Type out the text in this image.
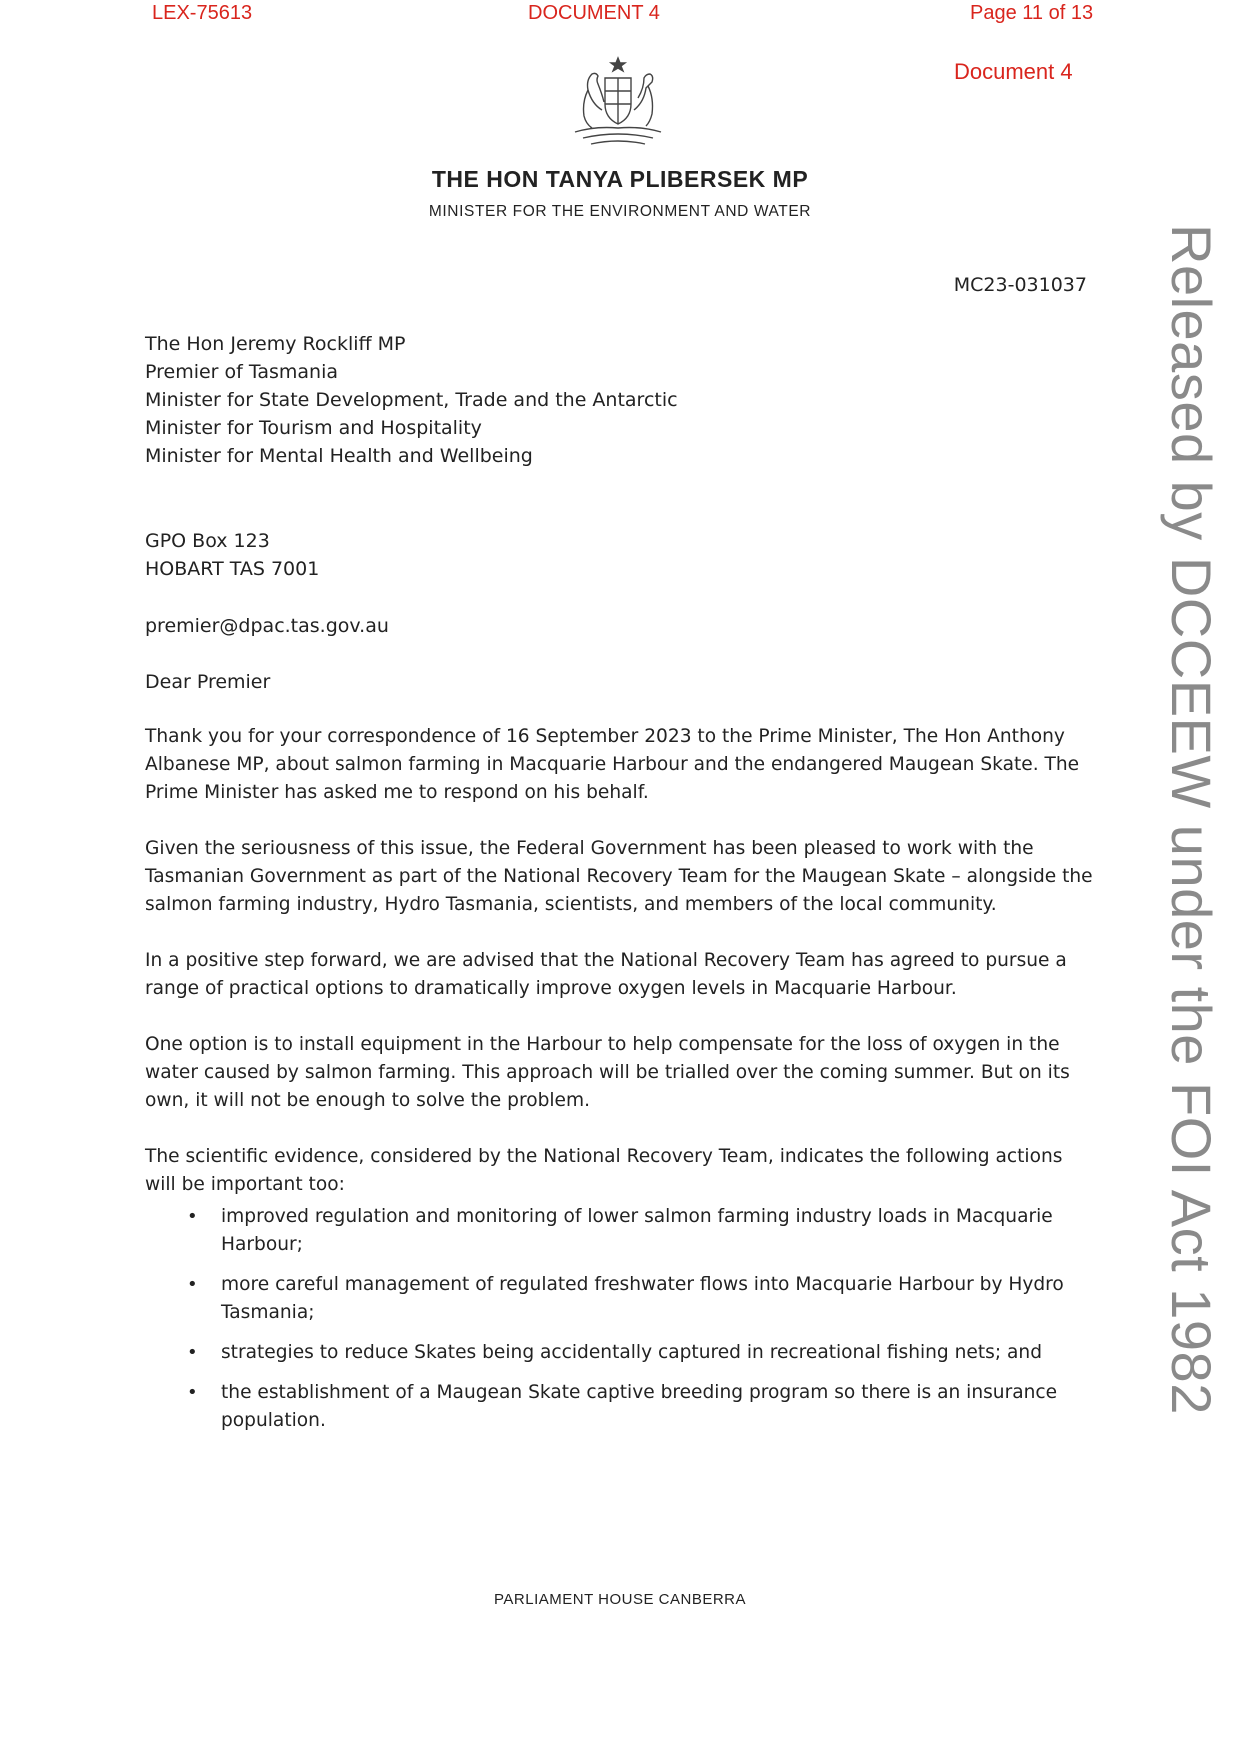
LEX-75613	DOCUMENT 4	Page 11 of 13
Document 4
THE HON TANYA PLIBERSEK MP
MINISTER FOR THE ENVIRONMENT AND WATER
MC23-031037
The Hon Jeremy Rockliff MP
Premier of Tasmania
Minister for State Development, Trade and the Antarctic
Minister for Tourism and Hospitality
Minister for Mental Health and Wellbeing
GPO Box 123
HOBART TAS 7001
premier@dpac.tas.gov.au
Dear Premier

Thank you for your correspondence of 16 September 2023 to the Prime Minister, The Hon Anthony Albanese MP, about salmon farming in Macquarie Harbour and the endangered Maugean Skate. The Prime Minister has asked me to respond on his behalf.

Given the seriousness of this issue, the Federal Government has been pleased to work with the Tasmanian Government as part of the National Recovery Team for the Maugean Skate – alongside the salmon farming industry, Hydro Tasmania, scientists, and members of the local community.

In a positive step forward, we are advised that the National Recovery Team has agreed to pursue a range of practical options to dramatically improve oxygen levels in Macquarie Harbour.

One option is to install equipment in the Harbour to help compensate for the loss of oxygen in the water caused by salmon farming. This approach will be trialled over the coming summer. But on its own, it will not be enough to solve the problem.

The scientific evidence, considered by the National Recovery Team, indicates the following actions will be important too:

• improved regulation and monitoring of lower salmon farming industry loads in Macquarie Harbour;
• more careful management of regulated freshwater flows into Macquarie Harbour by Hydro Tasmania;
• strategies to reduce Skates being accidentally captured in recreational fishing nets; and
• the establishment of a Maugean Skate captive breeding program so there is an insurance population.
PARLIAMENT HOUSE CANBERRA
Released by DCCEEW under the FOI Act 1982
